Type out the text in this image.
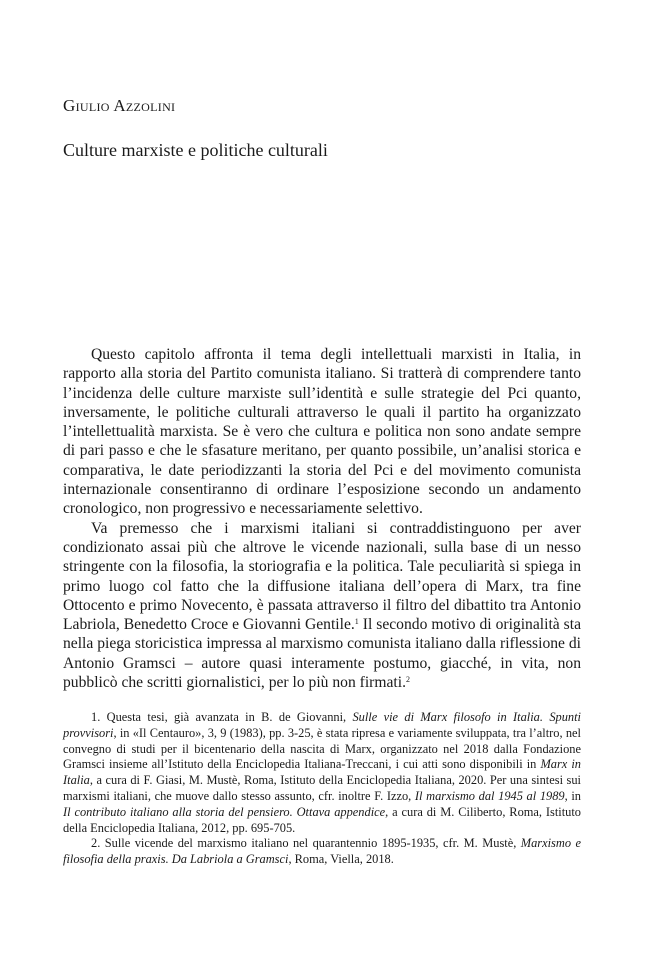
Giulio Azzolini
Culture marxiste e politiche culturali

Questo capitolo affronta il tema degli intellettuali marxisti in Italia, in rapporto alla storia del Partito comunista italiano. Si tratterà di comprendere tanto l’incidenza delle culture marxiste sull’identità e sulle strategie del Pci quanto, inversamente, le politiche culturali attraverso le quali il partito ha organizzato l’intellettualità marxista. Se è vero che cultura e politica non sono andate sempre di pari passo e che le sfasature meritano, per quanto possibile, un’analisi storica e comparativa, le date periodizzanti la storia del Pci e del movimento comunista internazionale consentiranno di ordinare l’esposizione secondo un andamento cronologico, non progressivo e necessariamente selettivo.

Va premesso che i marxismi italiani si contraddistinguono per aver condizionato assai più che altrove le vicende nazionali, sulla base di un nesso stringente con la filosofia, la storiografia e la politica. Tale peculiarità si spiega in primo luogo col fatto che la diffusione italiana dell’opera di Marx, tra fine Ottocento e primo Novecento, è passata attraverso il filtro del dibattito tra Antonio Labriola, Benedetto Croce e Giovanni Gentile.$^1$ Il secondo motivo di originalità sta nella piega storicistica impressa al marxismo comunista italiano dalla riflessione di Antonio Gramsci – autore quasi interamente postumo, giacché, in vita, non pubblicò che scritti giornalistici, per lo più non firmati.$^2$

1. Questa tesi, già avanzata in B. de Giovanni, Sulle vie di Marx filosofo in Italia. Spunti provvisori, in «Il Centauro», 3, 9 (1983), pp. 3-25, è stata ripresa e variamente sviluppata, tra l’altro, nel convegno di studi per il bicentenario della nascita di Marx, organizzato nel 2018 dalla Fondazione Gramsci insieme all’Istituto della Enciclopedia Italiana-Treccani, i cui atti sono disponibili in Marx in Italia, a cura di F. Giasi, M. Mustè, Roma, Istituto della Enciclopedia Italiana, 2020. Per una sintesi sui marxismi italiani, che muove dallo stesso assunto, cfr. inoltre F. Izzo, Il marxismo dal 1945 al 1989, in Il contributo italiano alla storia del pensiero. Ottava appendice, a cura di M. Ciliberto, Roma, Istituto della Enciclopedia Italiana, 2012, pp. 695-705.

2. Sulle vicende del marxismo italiano nel quarantennio 1895-1935, cfr. M. Mustè, Marxismo e filosofia della praxis. Da Labriola a Gramsci, Roma, Viella, 2018.
